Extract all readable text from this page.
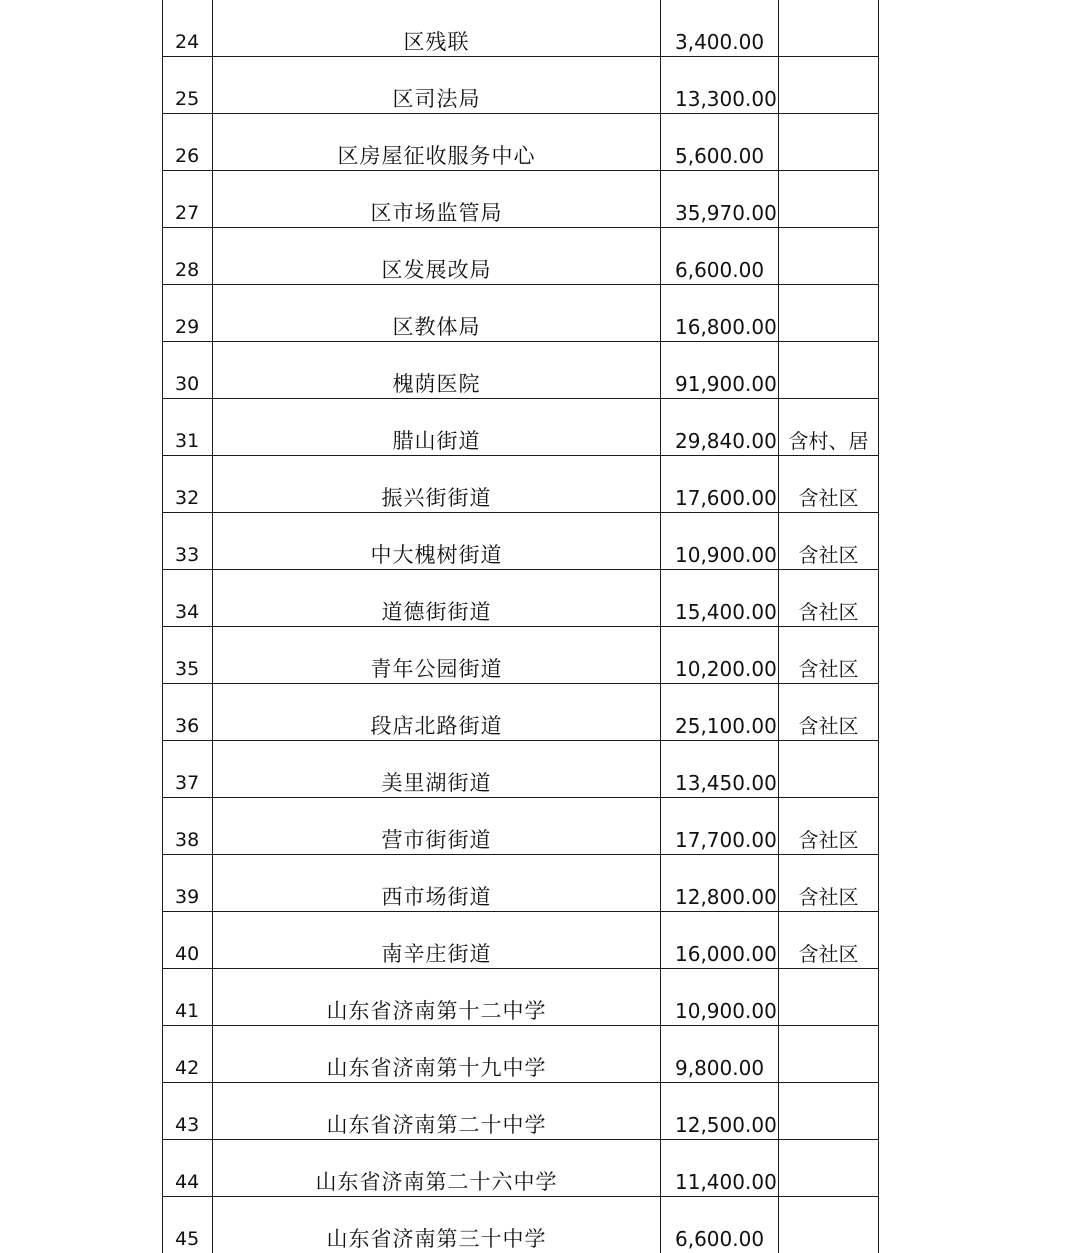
24	区残联	3,400.00	
25	区司法局	13,300.00	
26	区房屋征收服务中心	5,600.00	
27	区市场监管局	35,970.00	
28	区发展改局	6,600.00	
29	区教体局	16,800.00	
30	槐荫医院	91,900.00	
31	腊山街道	29,840.00	含村、居
32	振兴街街道	17,600.00	含社区
33	中大槐树街道	10,900.00	含社区
34	道德街街道	15,400.00	含社区
35	青年公园街道	10,200.00	含社区
36	段店北路街道	25,100.00	含社区
37	美里湖街道	13,450.00	
38	营市街街道	17,700.00	含社区
39	西市场街道	12,800.00	含社区
40	南辛庄街道	16,000.00	含社区
41	山东省济南第十二中学	10,900.00	
42	山东省济南第十九中学	9,800.00	
43	山东省济南第二十中学	12,500.00	
44	山东省济南第二十六中学	11,400.00	
45	山东省济南第三十中学	6,600.00	
